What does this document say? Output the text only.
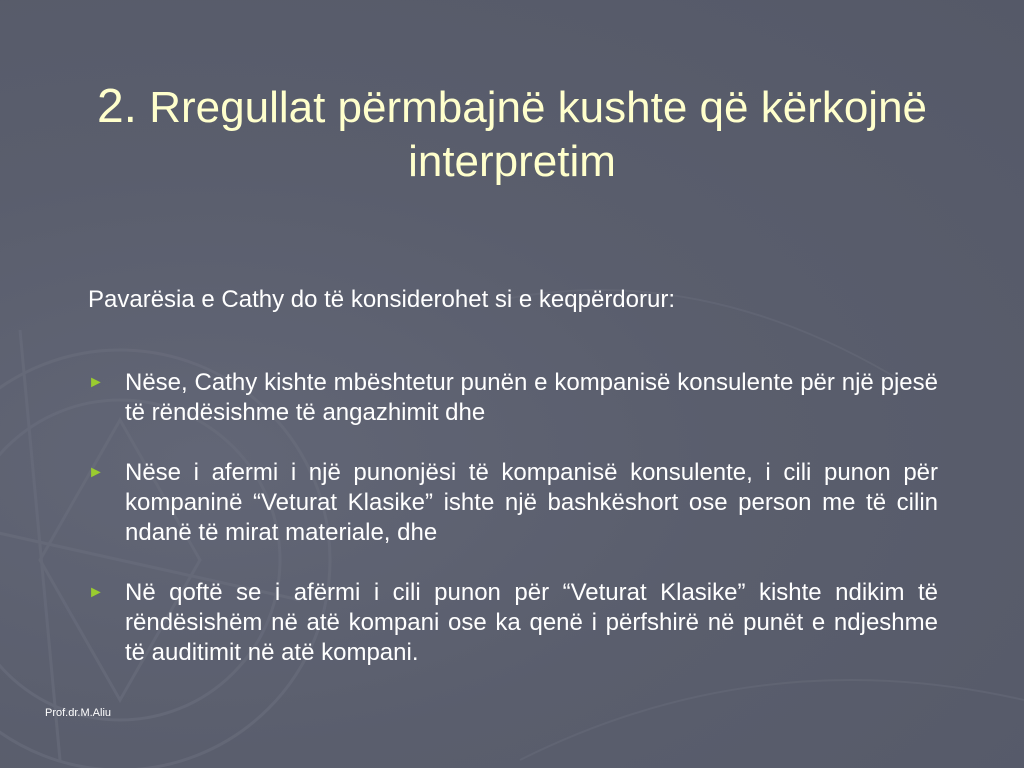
2. Rregullat përmbajnë kushte që kërkojnë interpretim
Pavarësia e Cathy do të konsiderohet si e keqpërdorur:
► Nëse, Cathy kishte mbështetur punën e kompanisë konsulente për një pjesë të rëndësishme të angazhimit dhe
► Nëse i afermi i një punonjësi të kompanisë konsulente, i cili punon për kompaninë “Veturat Klasike” ishte një bashkëshort ose person me të cilin ndanë të mirat materiale, dhe
► Në qoftë se i afërmi i cili punon për “Veturat Klasike” kishte ndikim të rëndësishëm në atë kompani ose ka qenë i përfshirë në punët e ndjeshme të auditimit në atë kompani.
Prof.dr.M.Aliu
